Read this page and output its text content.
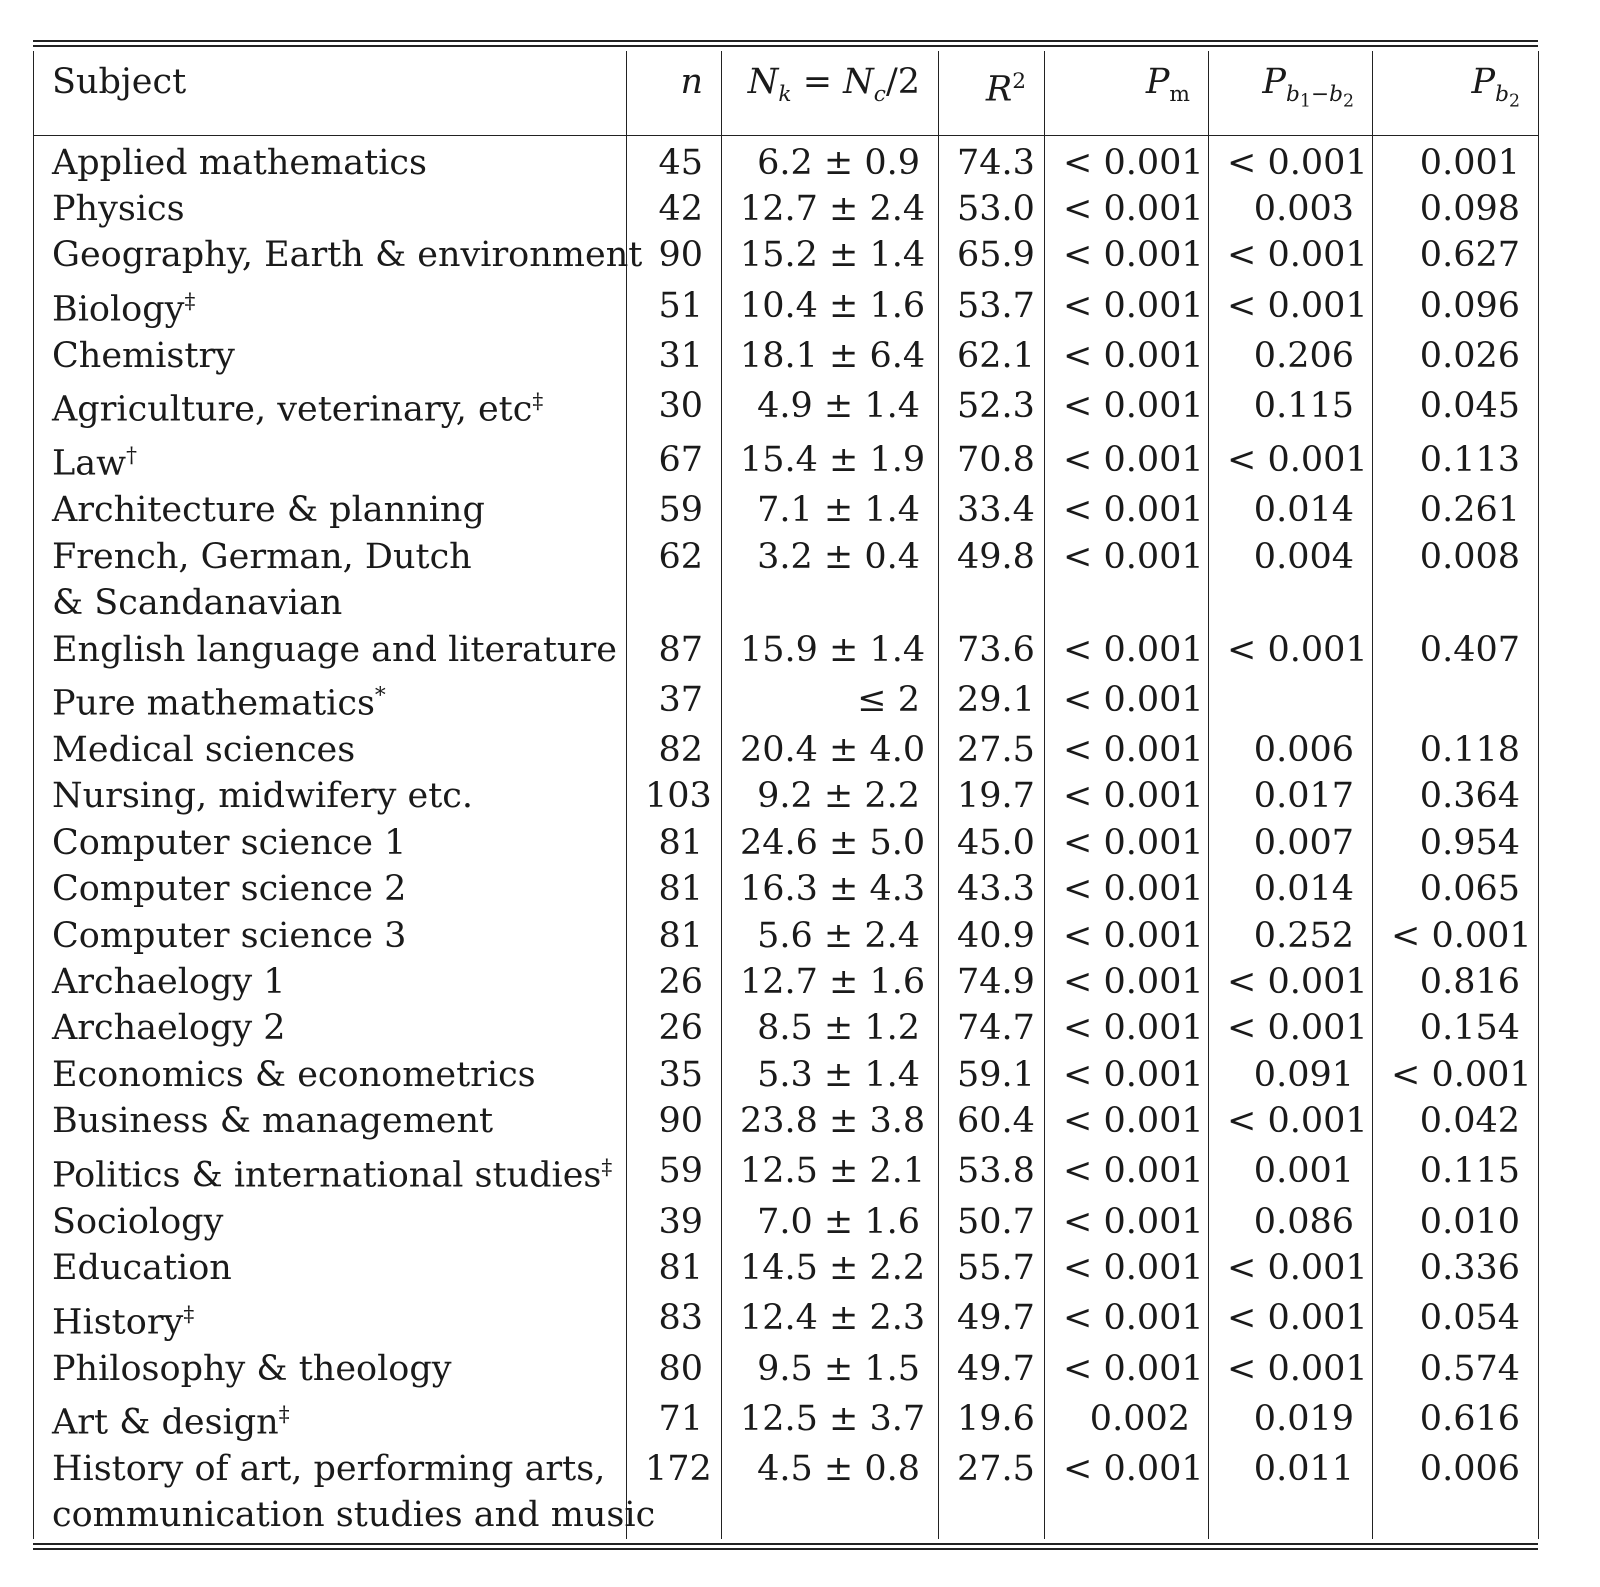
Subject	n	$N_k = N_c/2$	$R^2$	$P_m$	$P_{b_1-b_2}$	$P_{b_2}$
Applied mathematics	45	6.2 ± 0.9	74.3	< 0.001	< 0.001	0.001
Physics	42	12.7 ± 2.4	53.0	< 0.001	0.003	0.098
Geography, Earth & environment	90	15.2 ± 1.4	65.9	< 0.001	< 0.001	0.627
Biology‡	51	10.4 ± 1.6	53.7	< 0.001	< 0.001	0.096
Chemistry	31	18.1 ± 6.4	62.1	< 0.001	0.206	0.026
Agriculture, veterinary, etc‡	30	4.9 ± 1.4	52.3	< 0.001	0.115	0.045
Law†	67	15.4 ± 1.9	70.8	< 0.001	< 0.001	0.113
Architecture & planning	59	7.1 ± 1.4	33.4	< 0.001	0.014	0.261
French, German, Dutch
& Scandanavian	62	3.2 ± 0.4	49.8	< 0.001	0.004	0.008
English language and literature	87	15.9 ± 1.4	73.6	< 0.001	< 0.001	0.407
Pure mathematics*	37	≤ 2	29.1	< 0.001		
Medical sciences	82	20.4 ± 4.0	27.5	< 0.001	0.006	0.118
Nursing, midwifery etc.	103	9.2 ± 2.2	19.7	< 0.001	0.017	0.364
Computer science 1	81	24.6 ± 5.0	45.0	< 0.001	0.007	0.954
Computer science 2	81	16.3 ± 4.3	43.3	< 0.001	0.014	0.065
Computer science 3	81	5.6 ± 2.4	40.9	< 0.001	0.252	< 0.001
Archaelogy 1	26	12.7 ± 1.6	74.9	< 0.001	< 0.001	0.816
Archaelogy 2	26	8.5 ± 1.2	74.7	< 0.001	< 0.001	0.154
Economics & econometrics	35	5.3 ± 1.4	59.1	< 0.001	0.091	< 0.001
Business & management	90	23.8 ± 3.8	60.4	< 0.001	< 0.001	0.042
Politics & international studies‡	59	12.5 ± 2.1	53.8	< 0.001	0.001	0.115
Sociology	39	7.0 ± 1.6	50.7	< 0.001	0.086	0.010
Education	81	14.5 ± 2.2	55.7	< 0.001	< 0.001	0.336
History‡	83	12.4 ± 2.3	49.7	< 0.001	< 0.001	0.054
Philosophy & theology	80	9.5 ± 1.5	49.7	< 0.001	< 0.001	0.574
Art & design‡	71	12.5 ± 3.7	19.6	0.002	0.019	0.616
History of art, performing arts,
communication studies and music	172	4.5 ± 0.8	27.5	< 0.001	0.011	0.006
